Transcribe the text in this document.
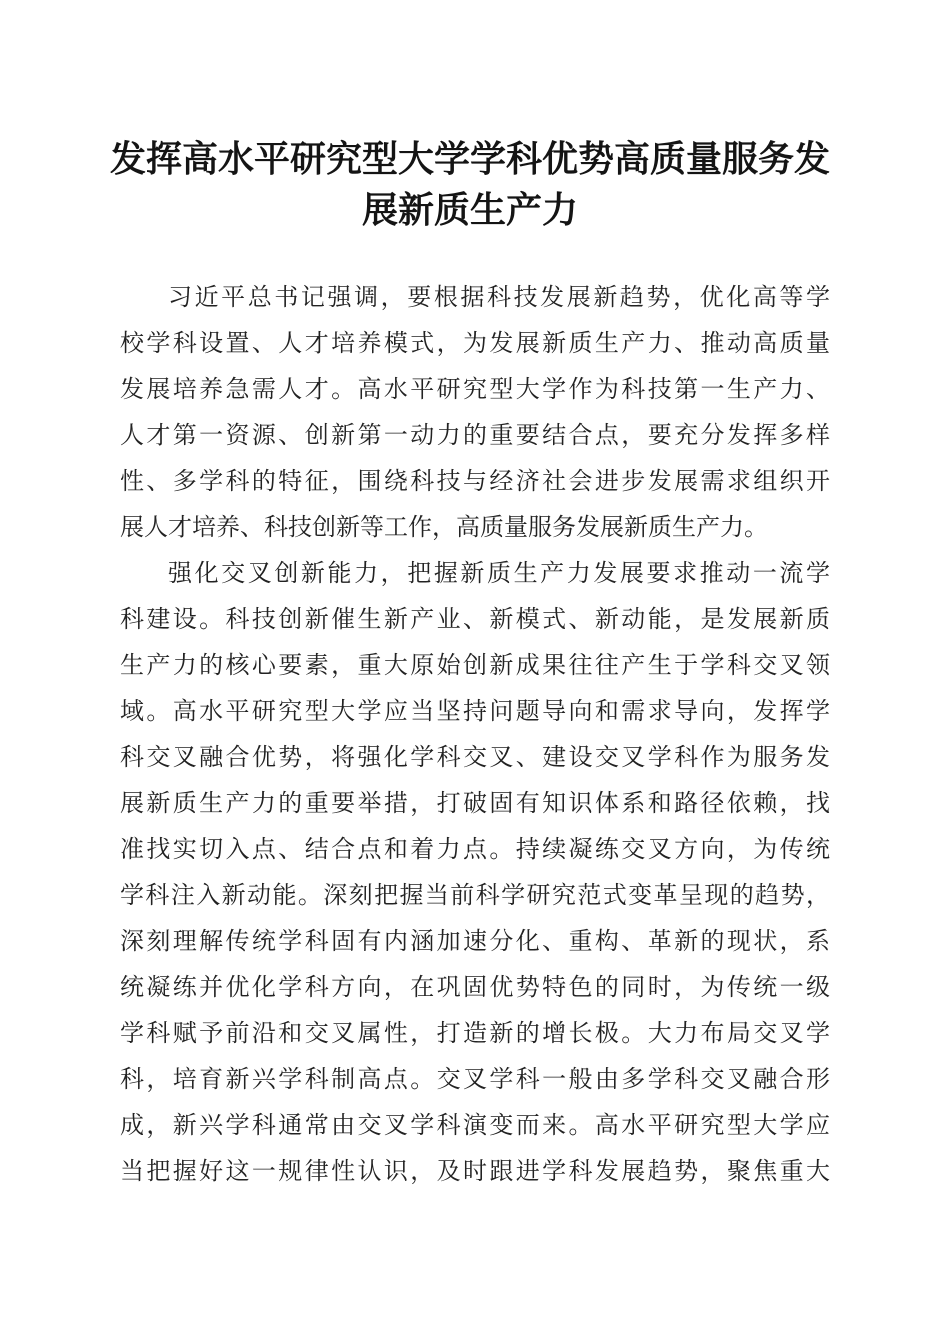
发挥高水平研究型大学学科优势高质量服务发
展新质生产力
习近平总书记强调，要根据科技发展新趋势，优化高等学
校学科设置、人才培养模式，为发展新质生产力、推动高质量
发展培养急需人才。高水平研究型大学作为科技第一生产力、
人才第一资源、创新第一动力的重要结合点，要充分发挥多样
性、多学科的特征，围绕科技与经济社会进步发展需求组织开
展人才培养、科技创新等工作，高质量服务发展新质生产力。
强化交叉创新能力，把握新质生产力发展要求推动一流学
科建设。科技创新催生新产业、新模式、新动能，是发展新质
生产力的核心要素，重大原始创新成果往往产生于学科交叉领
域。高水平研究型大学应当坚持问题导向和需求导向，发挥学
科交叉融合优势，将强化学科交叉、建设交叉学科作为服务发
展新质生产力的重要举措，打破固有知识体系和路径依赖，找
准找实切入点、结合点和着力点。持续凝练交叉方向，为传统
学科注入新动能。深刻把握当前科学研究范式变革呈现的趋势，
深刻理解传统学科固有内涵加速分化、重构、革新的现状，系
统凝练并优化学科方向，在巩固优势特色的同时，为传统一级
学科赋予前沿和交叉属性，打造新的增长极。大力布局交叉学
科，培育新兴学科制高点。交叉学科一般由多学科交叉融合形
成，新兴学科通常由交叉学科演变而来。高水平研究型大学应
当把握好这一规律性认识，及时跟进学科发展趋势，聚焦重大
